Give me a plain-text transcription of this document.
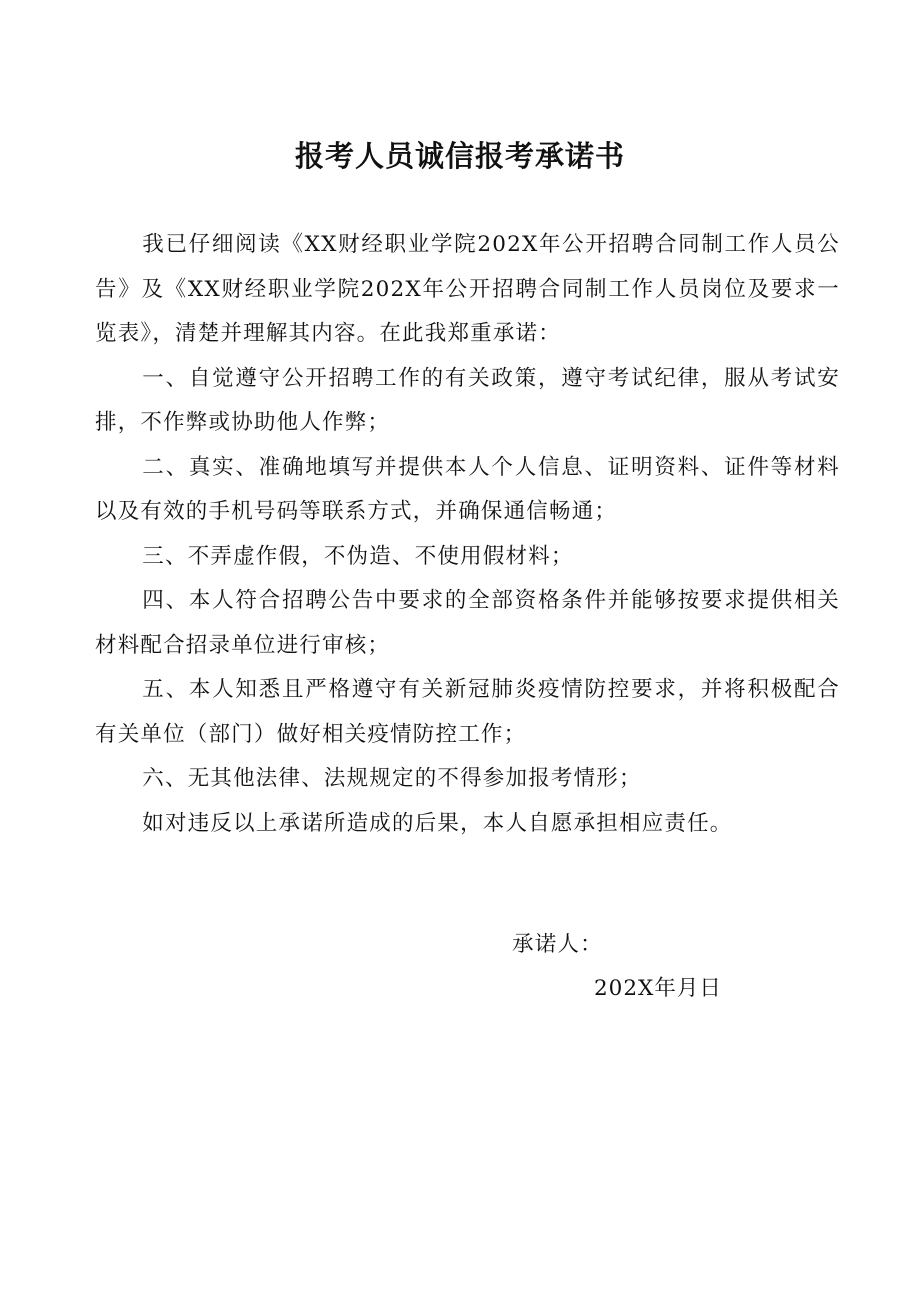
报考人员诚信报考承诺书

我已仔细阅读《XX财经职业学院202X年公开招聘合同制工作人员公告》及《XX财经职业学院202X年公开招聘合同制工作人员岗位及要求一览表》，清楚并理解其内容。在此我郑重承诺：

一、自觉遵守公开招聘工作的有关政策，遵守考试纪律，服从考试安排，不作弊或协助他人作弊；

二、真实、准确地填写并提供本人个人信息、证明资料、证件等材料以及有效的手机号码等联系方式，并确保通信畅通；

三、不弄虚作假，不伪造、不使用假材料；

四、本人符合招聘公告中要求的全部资格条件并能够按要求提供相关材料配合招录单位进行审核；

五、本人知悉且严格遵守有关新冠肺炎疫情防控要求，并将积极配合有关单位（部门）做好相关疫情防控工作；

六、无其他法律、法规规定的不得参加报考情形；

如对违反以上承诺所造成的后果，本人自愿承担相应责任。

承诺人：
202X年月日
